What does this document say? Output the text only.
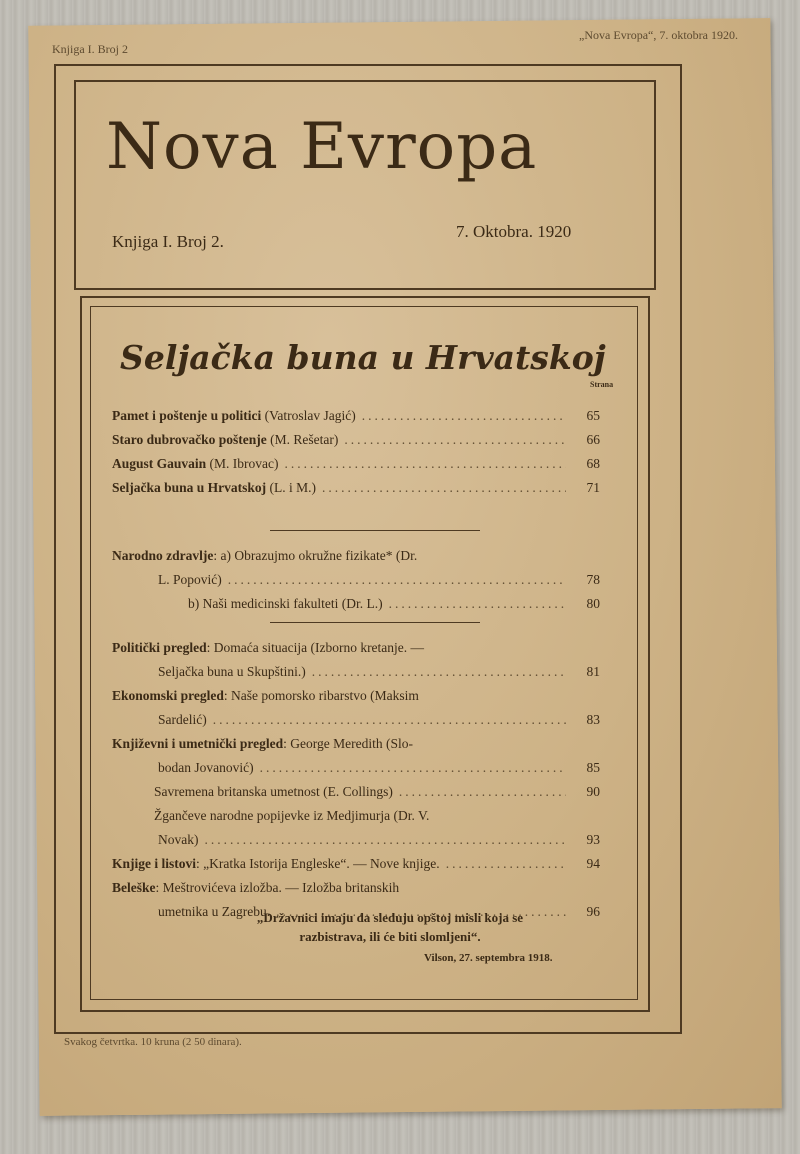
Knjiga I. Broj 2
„Nova Evropa“, 7. oktobra 1920.
Nova Evropa
Knjiga I. Broj 2.
7. Oktobra. 1920
Seljačka buna u Hrvatskoj
Strana
Pamet i poštenje u politici (Vatroslav Jagić) .....	65
Staro dubrovačko poštenje (M. Rešetar) .....	66
August Gauvain (M. Ibrovac) .....	68
Seljačka buna u Hrvatskoj (L. i M.) .....	71
Narodno zdravlje: a) Obrazujmo okružne fizikate* (Dr.
L. Popović) .....	78
b) Naši medicinski fakulteti (Dr. L.) .....	80
Politički pregled: Domaća situacija (Izborno kretanje. —
Seljačka buna u Skupštini.) .....	81
Ekonomski pregled: Naše pomorsko ribarstvo (Maksim
Sardelić) .....	83
Književni i umetnički pregled: George Meredith (Slo-
bodan Jovanović) .....	85
Savremena britanska umetnost (E. Collings) .....	90
Žgančeve narodne popijevke iz Medjimurja (Dr. V.
Novak) .....	93
Knjige i listovi: „Kratka Istorija Engleske“. — Nove knjige. .....	94
Beleške: Meštrovićeva izložba. — Izložba britanskih
umetnika u Zagrebu. .....	96
„Državnici imaju da sleduju opštoj misli koja se
razbistrava, ili će biti slomljeni“.
Vilson, 27. septembra 1918.
Svakog četvrtka. 10 kruna (2 50 dinara).
